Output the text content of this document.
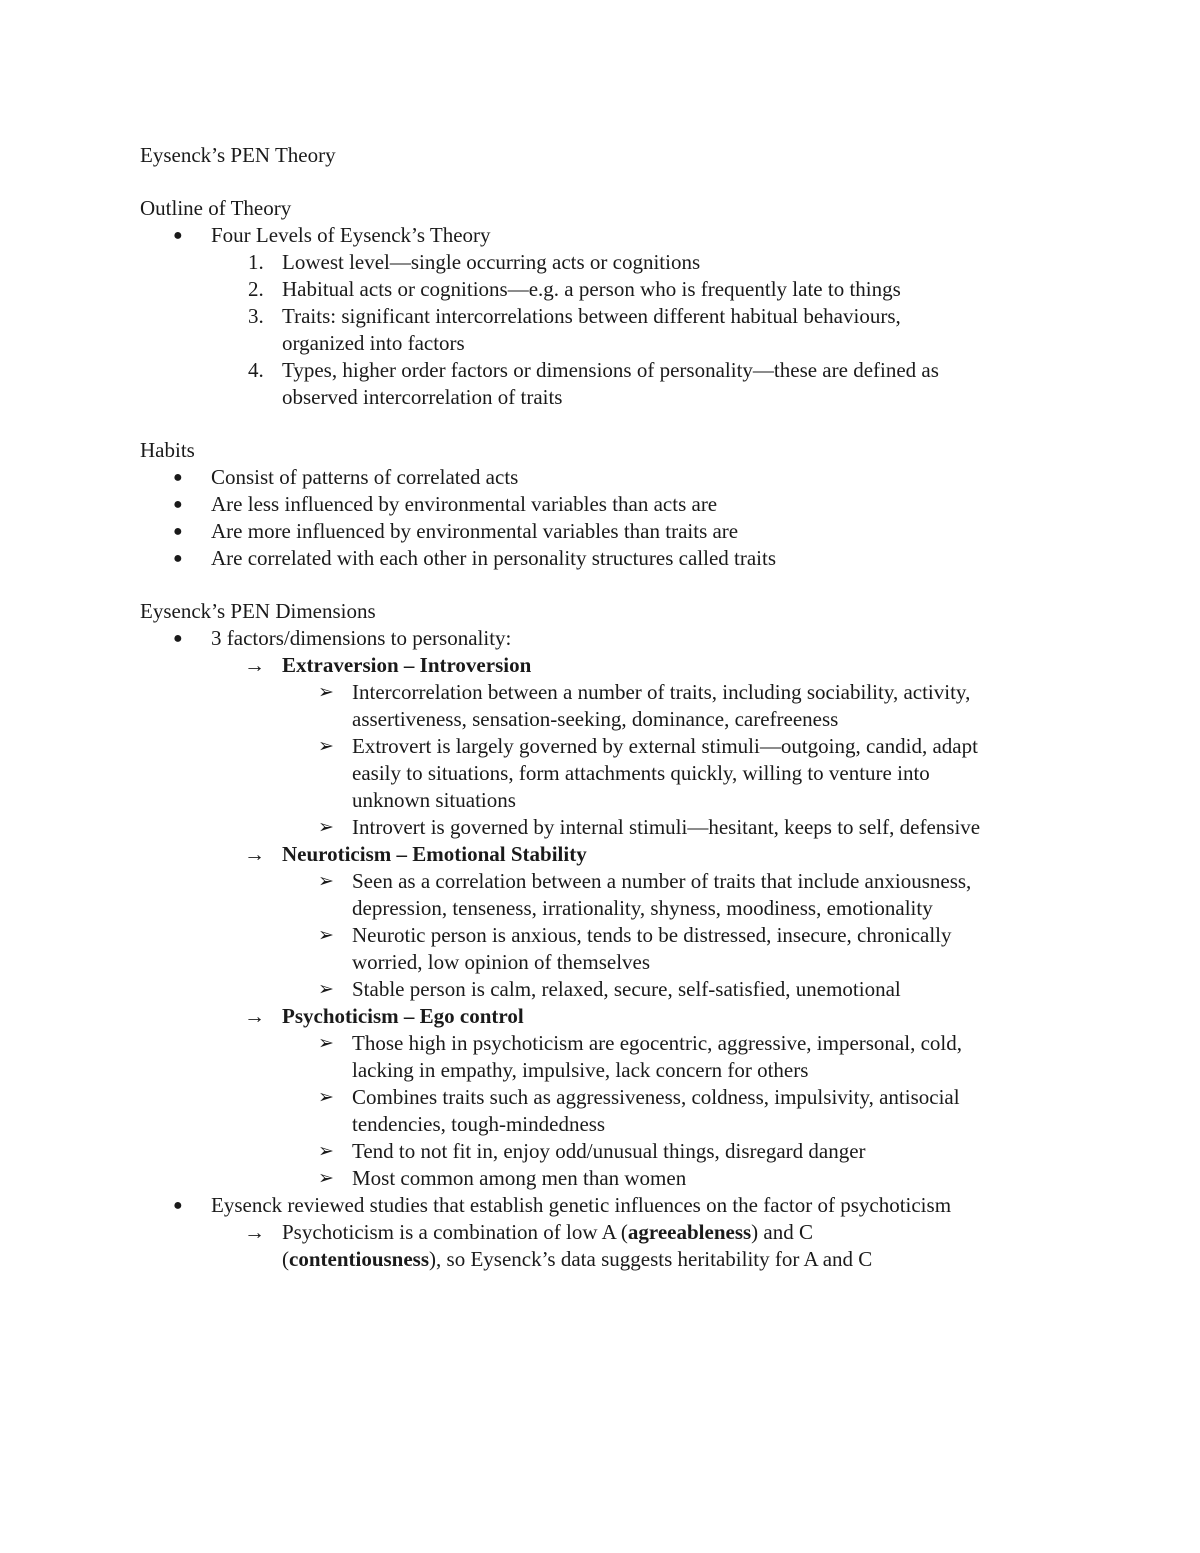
Eysenck’s PEN Theory
Outline of Theory
● Four Levels of Eysenck’s Theory
1. Lowest level—single occurring acts or cognitions
2. Habitual acts or cognitions—e.g. a person who is frequently late to things
3. Traits: significant intercorrelations between different habitual behaviours,
organized into factors
4. Types, higher order factors or dimensions of personality—these are defined as
observed intercorrelation of traits
Habits
● Consist of patterns of correlated acts
● Are less influenced by environmental variables than acts are
● Are more influenced by environmental variables than traits are
● Are correlated with each other in personality structures called traits
Eysenck’s PEN Dimensions
● 3 factors/dimensions to personality:
→ Extraversion – Introversion
➢ Intercorrelation between a number of traits, including sociability, activity,
assertiveness, sensation-seeking, dominance, carefreeness
➢ Extrovert is largely governed by external stimuli—outgoing, candid, adapt
easily to situations, form attachments quickly, willing to venture into
unknown situations
➢ Introvert is governed by internal stimuli—hesitant, keeps to self, defensive
→ Neuroticism – Emotional Stability
➢ Seen as a correlation between a number of traits that include anxiousness,
depression, tenseness, irrationality, shyness, moodiness, emotionality
➢ Neurotic person is anxious, tends to be distressed, insecure, chronically
worried, low opinion of themselves
➢ Stable person is calm, relaxed, secure, self-satisfied, unemotional
→ Psychoticism – Ego control
➢ Those high in psychoticism are egocentric, aggressive, impersonal, cold,
lacking in empathy, impulsive, lack concern for others
➢ Combines traits such as aggressiveness, coldness, impulsivity, antisocial
tendencies, tough-mindedness
➢ Tend to not fit in, enjoy odd/unusual things, disregard danger
➢ Most common among men than women
● Eysenck reviewed studies that establish genetic influences on the factor of psychoticism
→ Psychoticism is a combination of low A (agreeableness) and C
(contentiousness), so Eysenck’s data suggests heritability for A and C
